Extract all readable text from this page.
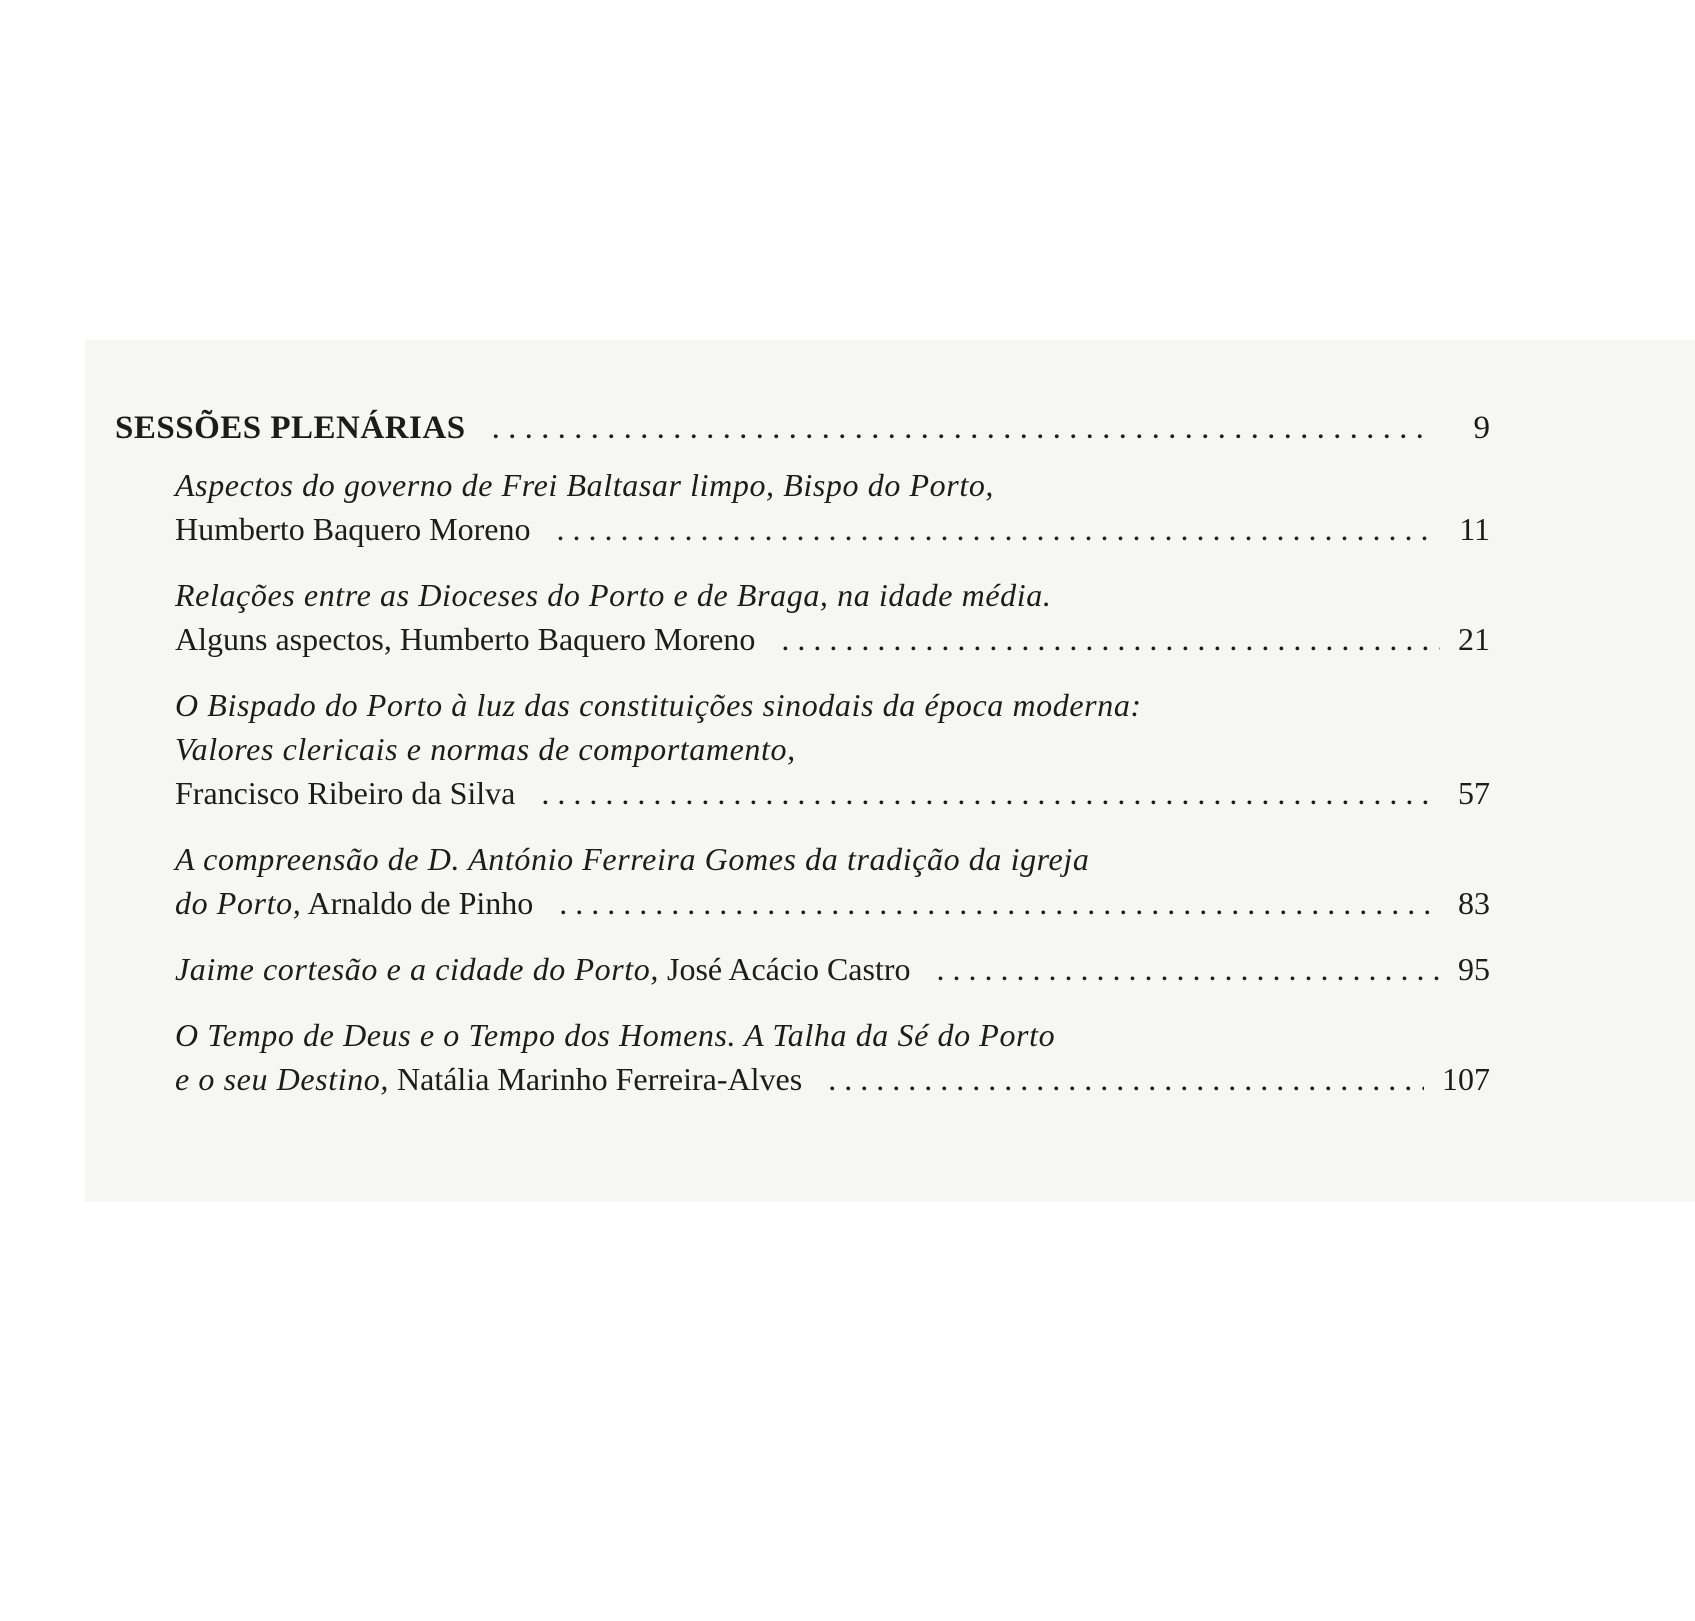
SESSÕES PLENÁRIAS . . .	9
Aspectos do governo de Frei Baltasar limpo, Bispo do Porto,
Humberto Baquero Moreno . . .	11
Relações entre as Dioceses do Porto e de Braga, na idade média.
Alguns aspectos, Humberto Baquero Moreno . . .	21
O Bispado do Porto à luz das constituições sinodais da época moderna:
Valores clericais e normas de comportamento,
Francisco Ribeiro da Silva . . .	57
A compreensão de D. António Ferreira Gomes da tradição da igreja
do Porto, Arnaldo de Pinho . . .	83
Jaime cortesão e a cidade do Porto, José Acácio Castro . . .	95
O Tempo de Deus e o Tempo dos Homens. A Talha da Sé do Porto
e o seu Destino, Natália Marinho Ferreira-Alves . . .	107
